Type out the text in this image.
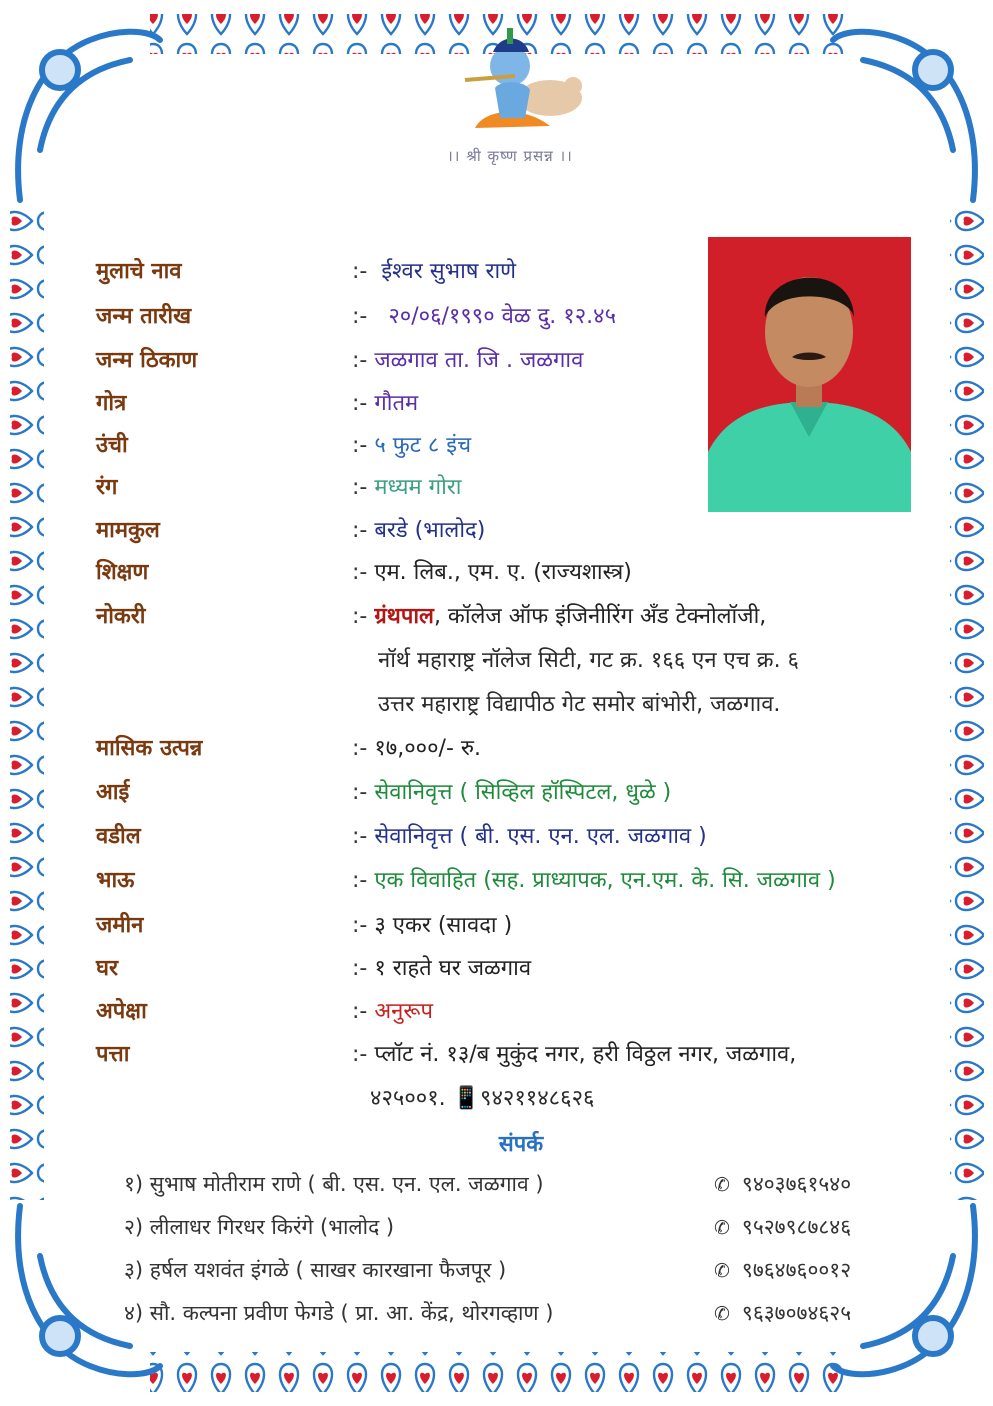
।। श्री कृष्ण प्रसन्न ।।
मुलाचे नाव	:- ईश्वर सुभाष राणे
जन्म तारीख	:- २०/०६/१९९० वेळ दु. १२.४५
जन्म ठिकाण	:- जळगाव ता. जि . जळगाव
गोत्र	:- गौतम
उंची	:- ५ फुट ८ इंच
रंग	:- मध्यम गोरा
मामकुल	:- बरडे (भालोद)
शिक्षण	:- एम. लिब., एम. ए. (राज्यशास्त्र)
नोकरी	:- ग्रंथपाल, कॉलेज ऑफ इंजिनीरिंग अँड टेक्नोलॉजी,
नॉर्थ महाराष्ट्र नॉलेज सिटी, गट क्र. १६६ एन एच क्र. ६
उत्तर महाराष्ट्र विद्यापीठ गेट समोर बांभोरी, जळगाव.
मासिक उत्पन्न	:- १७,०००/- रु.
आई	:- सेवानिवृत्त ( सिव्हिल हॉस्पिटल, धुळे )
वडील	:- सेवानिवृत्त ( बी. एस. एन. एल. जळगाव )
भाऊ	:- एक विवाहित (सह. प्राध्यापक, एन.एम. के. सि. जळगाव )
जमीन	:- ३ एकर (सावदा )
घर	:- १ राहते घर जळगाव
अपेक्षा	:- अनुरूप
पत्ता	:- प्लॉट नं. १३/ब मुकुंद नगर, हरी विठ्ठल नगर, जळगाव,
४२५००१. 📱९४२११४८६२६
संपर्क
१) सुभाष मोतीराम राणे ( बी. एस. एन. एल. जळगाव )	✆ ९४०३७६१५४०
२) लीलाधर गिरधर किरंगे (भालोद )	✆ ९५२७९८७८४६
३) हर्षल यशवंत इंगळे ( साखर कारखाना फैजपूर )	✆ ९७६४७६००१२
४) सौ. कल्पना प्रवीण फेगडे ( प्रा. आ. केंद्र, थोरगव्हाण )	✆ ९६३७०७४६२५
